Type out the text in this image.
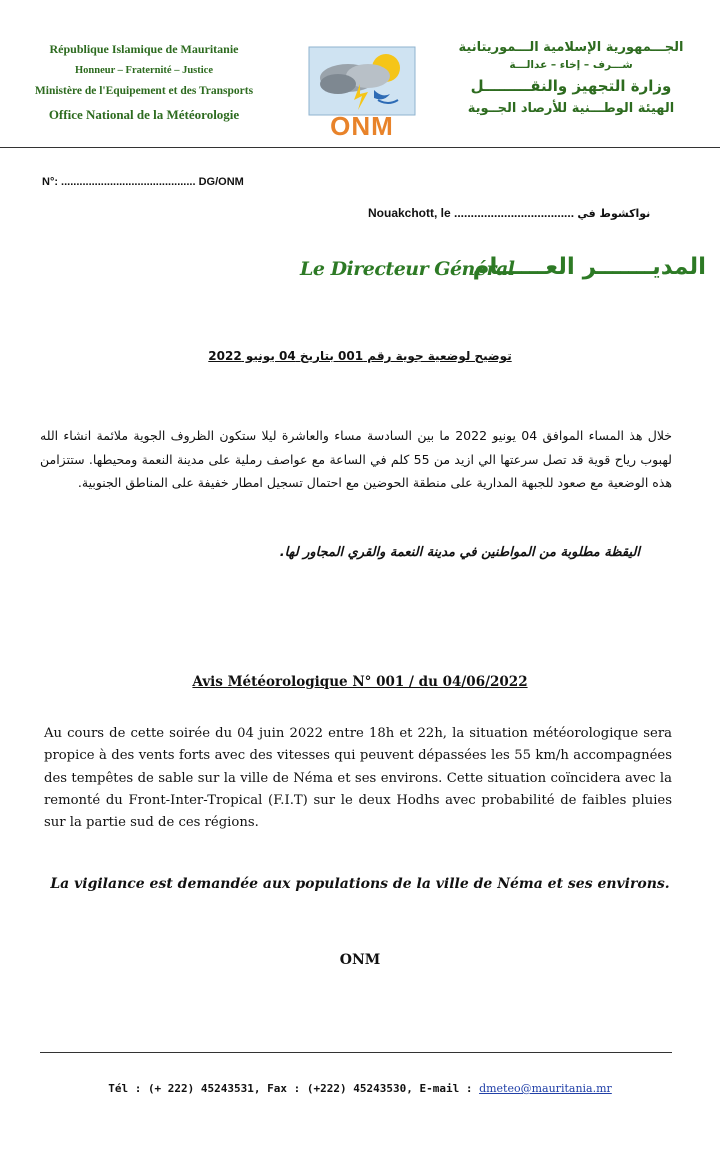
République Islamique de Mauritanie
Honneur – Fraternité – Justice
Ministère de l'Equipement et des Transports
Office National de la Météorologie	ONM
الجـــمهورية الإسلامية الـــموريتانية
شـــرف – إخاء – عدالـــة
وزارة التجهيز والنقـــــــــل
الهيئة الوطـــنية للأرصاد الجــوية
N°: ............................................ DG/ONM
Nouakchott, le .................................... نواكشوط في
Le Directeur Général
المديـــــــر العــــــام
توضيح لوضعية جوية رقم 001 بتاريخ 04 يونيو 2022
خلال هذ المساء الموافق 04 يونيو 2022 ما بين السادسة مساء والعاشرة ليلا ستكون الظروف الجوية ملائمة انشاء الله لهبوب رياح قوية قد تصل سرعتها الي ازيد من 55 كلم في الساعة مع عواصف رملية على مدينة النعمة ومحيطها. ستتزامن هذه الوضعية مع صعود للجبهة المدارية على منطقة الحوضين مع احتمال تسجيل امطار خفيفة على المناطق الجنوبية.
اليقظة مطلوبة من المواطنين في مدينة النعمة والقري المجاور لها.
Avis Météorologique N° 001 / du 04/06/2022
Au cours de cette soirée du 04 juin 2022 entre 18h et 22h, la situation météorologique sera propice à des vents forts avec des vitesses qui peuvent dépassées les 55 km/h accompagnées des tempêtes de sable sur la ville de Néma et ses environs. Cette situation coïncidera avec la remonté du Front-Inter-Tropical (F.I.T) sur le deux Hodhs avec probabilité de faibles pluies sur la partie sud de ces régions.
La vigilance est demandée aux populations de la ville de Néma et ses environs.
ONM
Tél : (+ 222) 45243531, Fax : (+222) 45243530, E-mail : dmeteo@mauritania.mr
